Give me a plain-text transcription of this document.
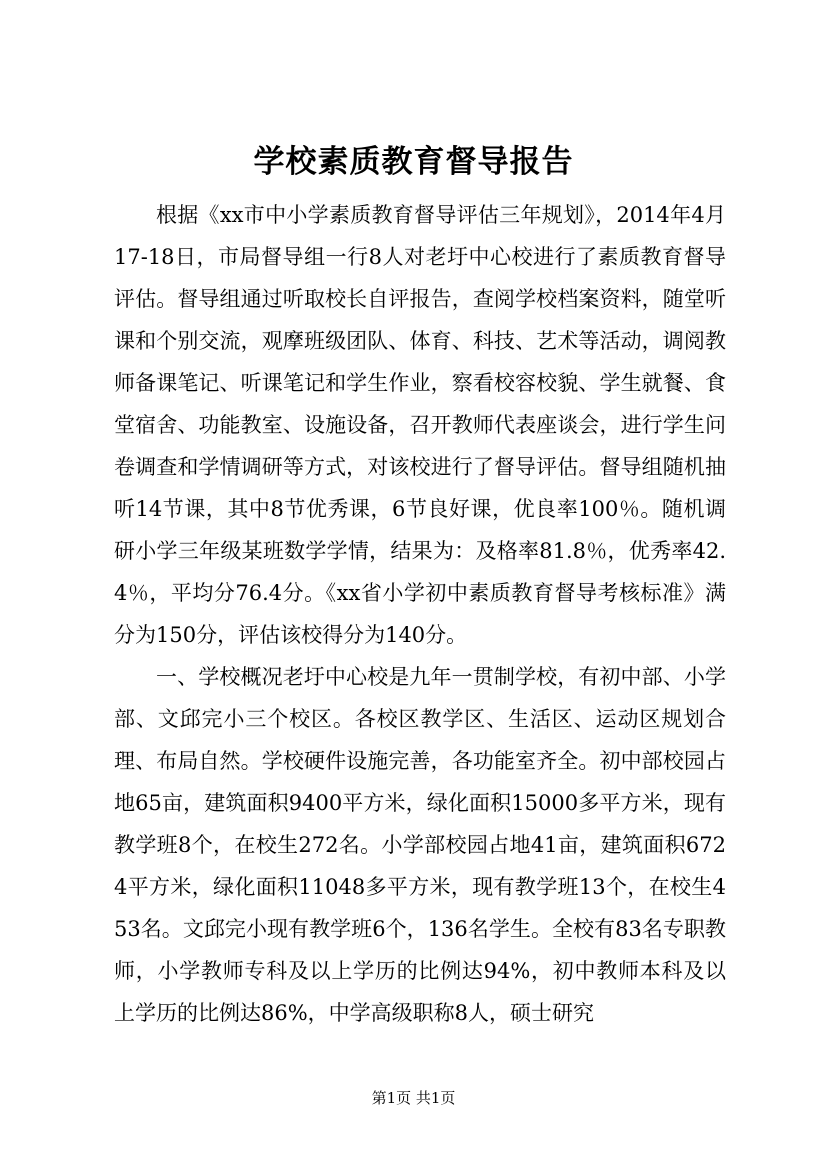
学校素质教育督导报告

根据《xx市中小学素质教育督导评估三年规划》，2014年4月17-18日，市局督导组一行8人对老圩中心校进行了素质教育督导评估。督导组通过听取校长自评报告，查阅学校档案资料，随堂听课和个别交流，观摩班级团队、体育、科技、艺术等活动，调阅教师备课笔记、听课笔记和学生作业，察看校容校貌、学生就餐、食堂宿舍、功能教室、设施设备，召开教师代表座谈会，进行学生问卷调查和学情调研等方式，对该校进行了督导评估。督导组随机抽听14节课，其中8节优秀课，6节良好课，优良率100％。随机调研小学三年级某班数学学情，结果为：及格率81.8％，优秀率42.4％，平均分76.4分。《xx省小学初中素质教育督导考核标准》满分为150分，评估该校得分为140分。

一、学校概况老圩中心校是九年一贯制学校，有初中部、小学部、文邱完小三个校区。各校区教学区、生活区、运动区规划合理、布局自然。学校硬件设施完善，各功能室齐全。初中部校园占地65亩，建筑面积9400平方米，绿化面积15000多平方米，现有教学班8个，在校生272名。小学部校园占地41亩，建筑面积6724平方米，绿化面积11048多平方米，现有教学班13个，在校生453名。文邱完小现有教学班6个，136名学生。全校有83名专职教师，小学教师专科及以上学历的比例达94%，初中教师本科及以上学历的比例达86%，中学高级职称8人，硕士研究

第1页 共1页
